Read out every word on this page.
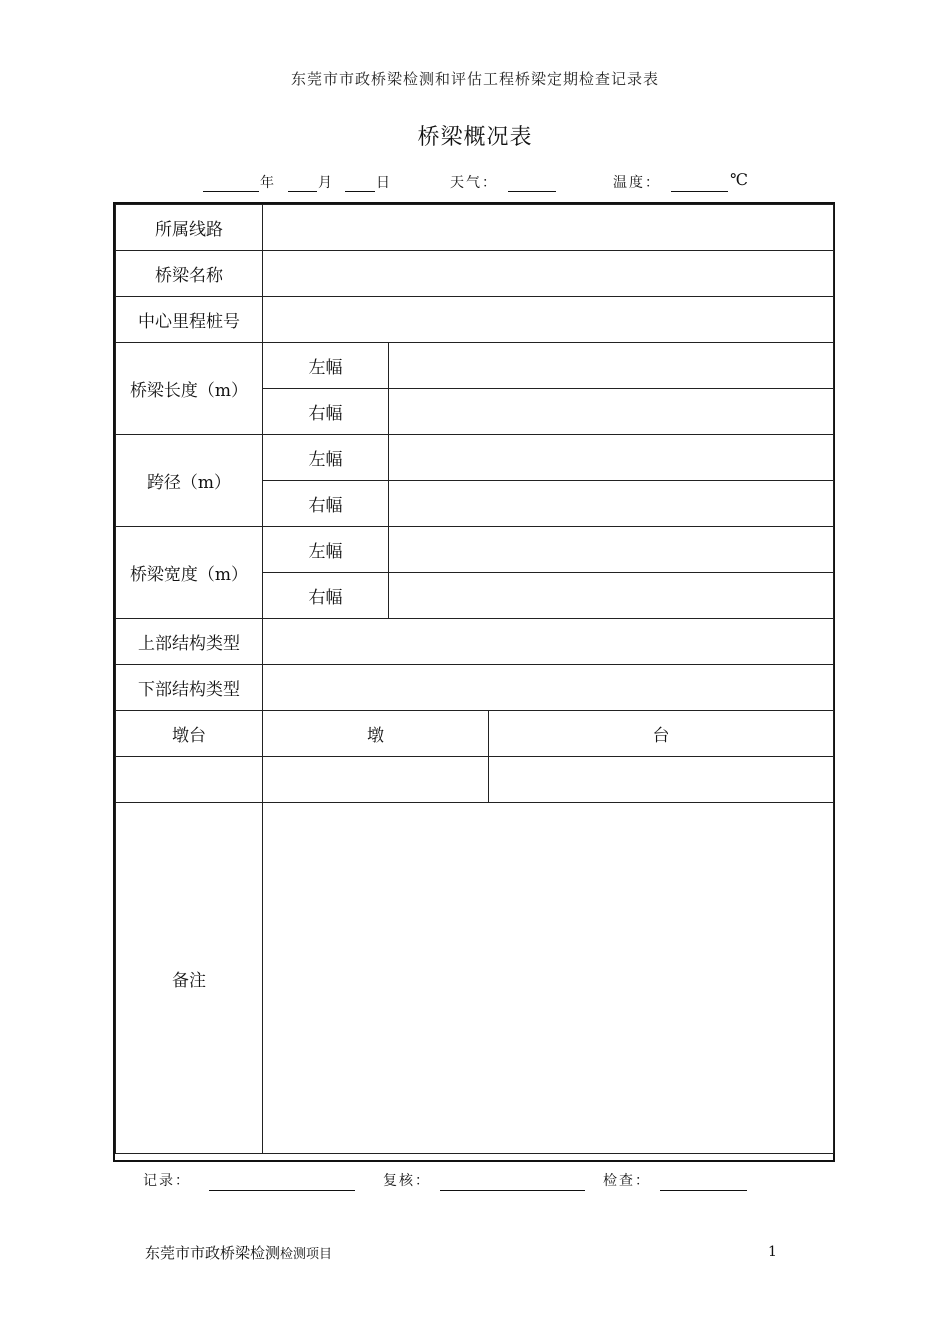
东莞市市政桥梁检测和评估工程桥梁定期检查记录表
桥梁概况表
年	月	日	天气：	温度：	℃
所属线路			
桥梁名称			
中心里程桩号			
桥梁长度（m）	左幅		
	右幅		
跨径（m）	左幅		
	右幅		
桥梁宽度（m）	左幅		
	右幅		
上部结构类型			
下部结构类型			
墩台	墩		台

备注			
记录：	复核：	检查：
东莞市市政桥梁检测检测项目	1
